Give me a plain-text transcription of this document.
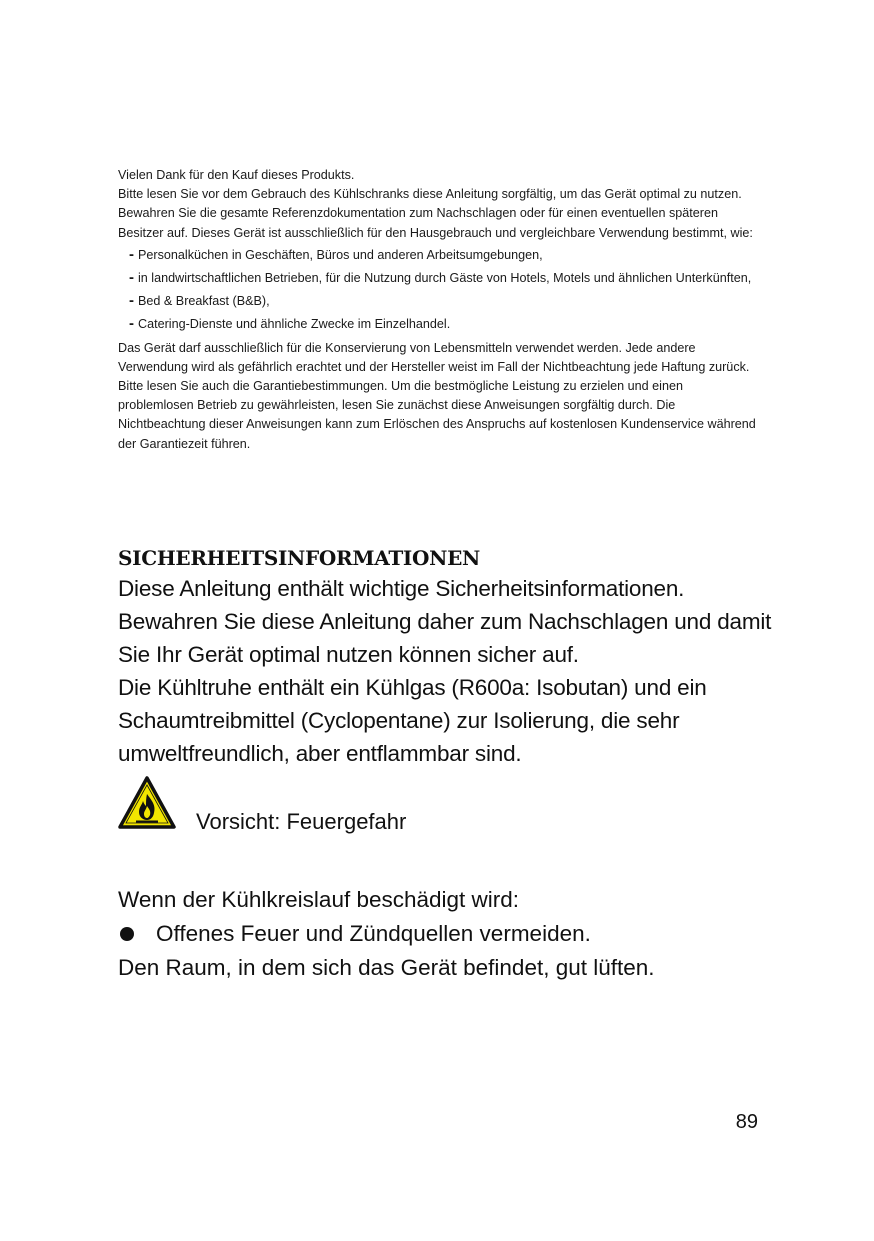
Vielen Dank für den Kauf dieses Produkts.

Bitte lesen Sie vor dem Gebrauch des Kühlschranks diese Anleitung sorgfältig, um das Gerät optimal zu nutzen. Bewahren Sie die gesamte Referenzdokumentation zum Nachschlagen oder für einen eventuellen späteren Besitzer auf. Dieses Gerät ist ausschließlich für den Hausgebrauch und vergleichbare Verwendung bestimmt, wie:

- Personalküchen in Geschäften, Büros und anderen Arbeitsumgebungen,
- in landwirtschaftlichen Betrieben, für die Nutzung durch Gäste von Hotels, Motels und ähnlichen Unterkünften,
- Bed & Breakfast (B&B),
- Catering-Dienste und ähnliche Zwecke im Einzelhandel.

Das Gerät darf ausschließlich für die Konservierung von Lebensmitteln verwendet werden. Jede andere Verwendung wird als gefährlich erachtet und der Hersteller weist im Fall der Nichtbeachtung jede Haftung zurück. Bitte lesen Sie auch die Garantiebestimmungen. Um die bestmögliche Leistung zu erzielen und einen problemlosen Betrieb zu gewährleisten, lesen Sie zunächst diese Anweisungen sorgfältig durch. Die Nichtbeachtung dieser Anweisungen kann zum Erlöschen des Anspruchs auf kostenlosen Kundenservice während der Garantiezeit führen.

SICHERHEITSINFORMATIONEN

Diese Anleitung enthält wichtige Sicherheitsinformationen. Bewahren Sie diese Anleitung daher zum Nachschlagen und damit Sie Ihr Gerät optimal nutzen können sicher auf.

Die Kühltruhe enthält ein Kühlgas (R600a: Isobutan) und ein Schaumtreibmittel (Cyclopentane) zur Isolierung, die sehr umweltfreundlich, aber entflammbar sind.

Vorsicht: Feuergefahr

Wenn der Kühlkreislauf beschädigt wird:

Offenes Feuer und Zündquellen vermeiden.

Den Raum, in dem sich das Gerät befindet, gut lüften.

89
